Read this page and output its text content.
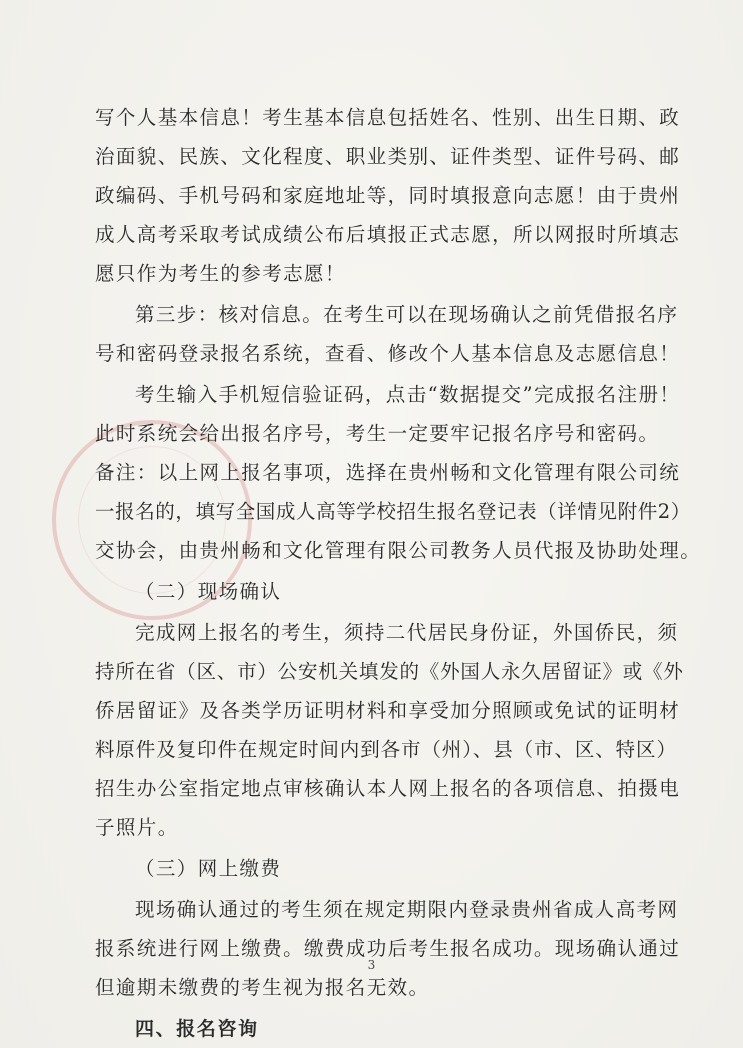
写个人基本信息！考生基本信息包括姓名、性别、出生日期、政
治面貌、民族、文化程度、职业类别、证件类型、证件号码、邮
政编码、手机号码和家庭地址等，同时填报意向志愿！由于贵州
成人高考采取考试成绩公布后填报正式志愿，所以网报时所填志
愿只作为考生的参考志愿！
第三步：核对信息。在考生可以在现场确认之前凭借报名序
号和密码登录报名系统，查看、修改个人基本信息及志愿信息！
考生输入手机短信验证码，点击“数据提交”完成报名注册！
此时系统会给出报名序号，考生一定要牢记报名序号和密码。
备注：以上网上报名事项，选择在贵州畅和文化管理有限公司统
一报名的，填写全国成人高等学校招生报名登记表（详情见附件2）
交协会，由贵州畅和文化管理有限公司教务人员代报及协助处理。
（二）现场确认
完成网上报名的考生，须持二代居民身份证，外国侨民，须
持所在省（区、市）公安机关填发的《外国人永久居留证》或《外
侨居留证》及各类学历证明材料和享受加分照顾或免试的证明材
料原件及复印件在规定时间内到各市（州）、县（市、区、特区）
招生办公室指定地点审核确认本人网上报名的各项信息、拍摄电
子照片。
（三）网上缴费
现场确认通过的考生须在规定期限内登录贵州省成人高考网
报系统进行网上缴费。缴费成功后考生报名成功。现场确认通过
但逾期未缴费的考生视为报名无效。
四、报名咨询
3
